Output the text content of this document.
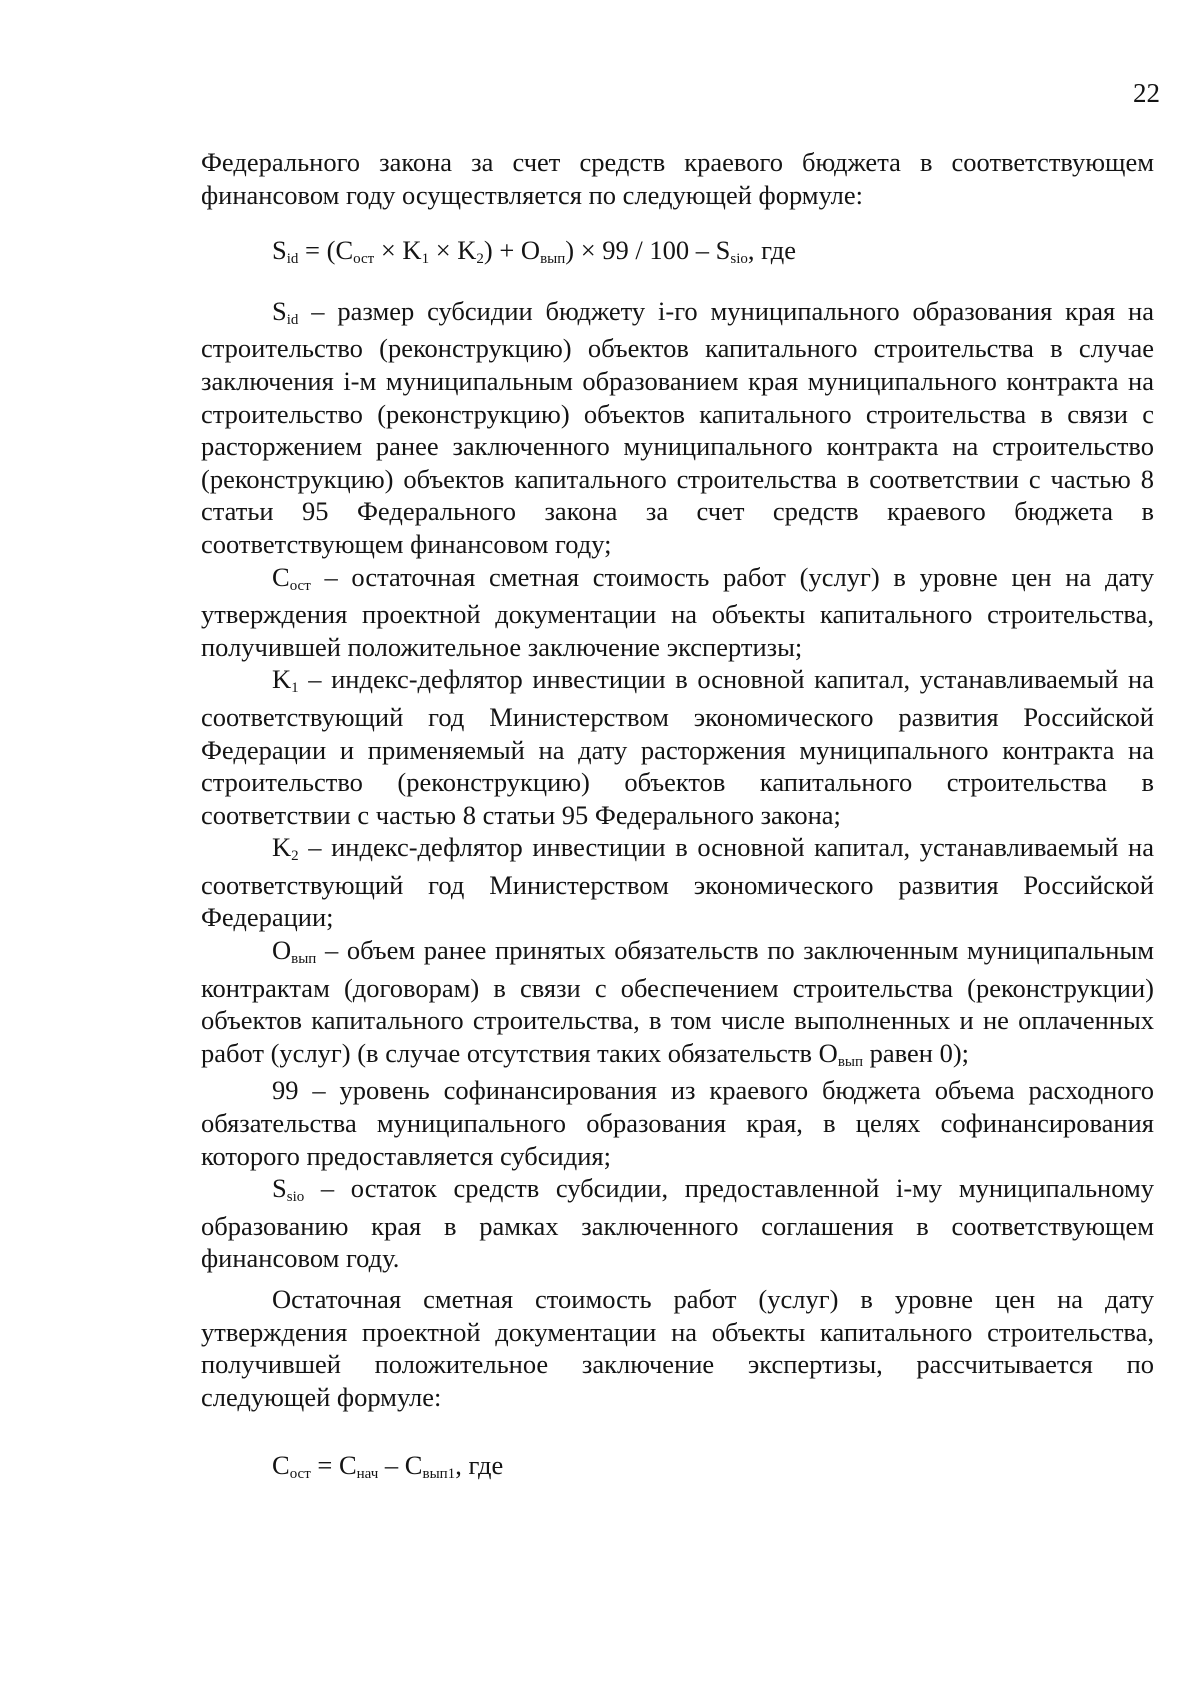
22

Федерального закона за счет средств краевого бюджета в соответствующем финансовом году осуществляется по следующей формуле:

Sid = (Cост × K1 × K2) + Oвып) × 99 / 100 – Ssio, где

Sid – размер субсидии бюджету i-го муниципального образования края на строительство (реконструкцию) объектов капитального строительства в случае заключения i-м муниципальным образованием края муниципального контракта на строительство (реконструкцию) объектов капитального строительства в связи с расторжением ранее заключенного муниципального контракта на строительство (реконструкцию) объектов капитального строительства в соответствии с частью 8 статьи 95 Федерального закона за счет средств краевого бюджета в соответствующем финансовом году;

Cост – остаточная сметная стоимость работ (услуг) в уровне цен на дату утверждения проектной документации на объекты капитального строительства, получившей положительное заключение экспертизы;

K1 – индекс-дефлятор инвестиции в основной капитал, устанавливаемый на соответствующий год Министерством экономического развития Российской Федерации и применяемый на дату расторжения муниципального контракта на строительство (реконструкцию) объектов капитального строительства в соответствии с частью 8 статьи 95 Федерального закона;

K2 – индекс-дефлятор инвестиции в основной капитал, устанавливаемый на соответствующий год Министерством экономического развития Российской Федерации;

Oвып – объем ранее принятых обязательств по заключенным муниципальным контрактам (договорам) в связи с обеспечением строительства (реконструкции) объектов капитального строительства, в том числе выполненных и не оплаченных работ (услуг) (в случае отсутствия таких обязательств Oвып равен 0);

99 – уровень софинансирования из краевого бюджета объема расходного обязательства муниципального образования края, в целях софинансирования которого предоставляется субсидия;

Ssio – остаток средств субсидии, предоставленной i-му муниципальному образованию края в рамках заключенного соглашения в соответствующем финансовом году.

Остаточная сметная стоимость работ (услуг) в уровне цен на дату утверждения проектной документации на объекты капитального строительства, получившей положительное заключение экспертизы, рассчитывается по следующей формуле:

Cост = Cнач – Cвып1, где
